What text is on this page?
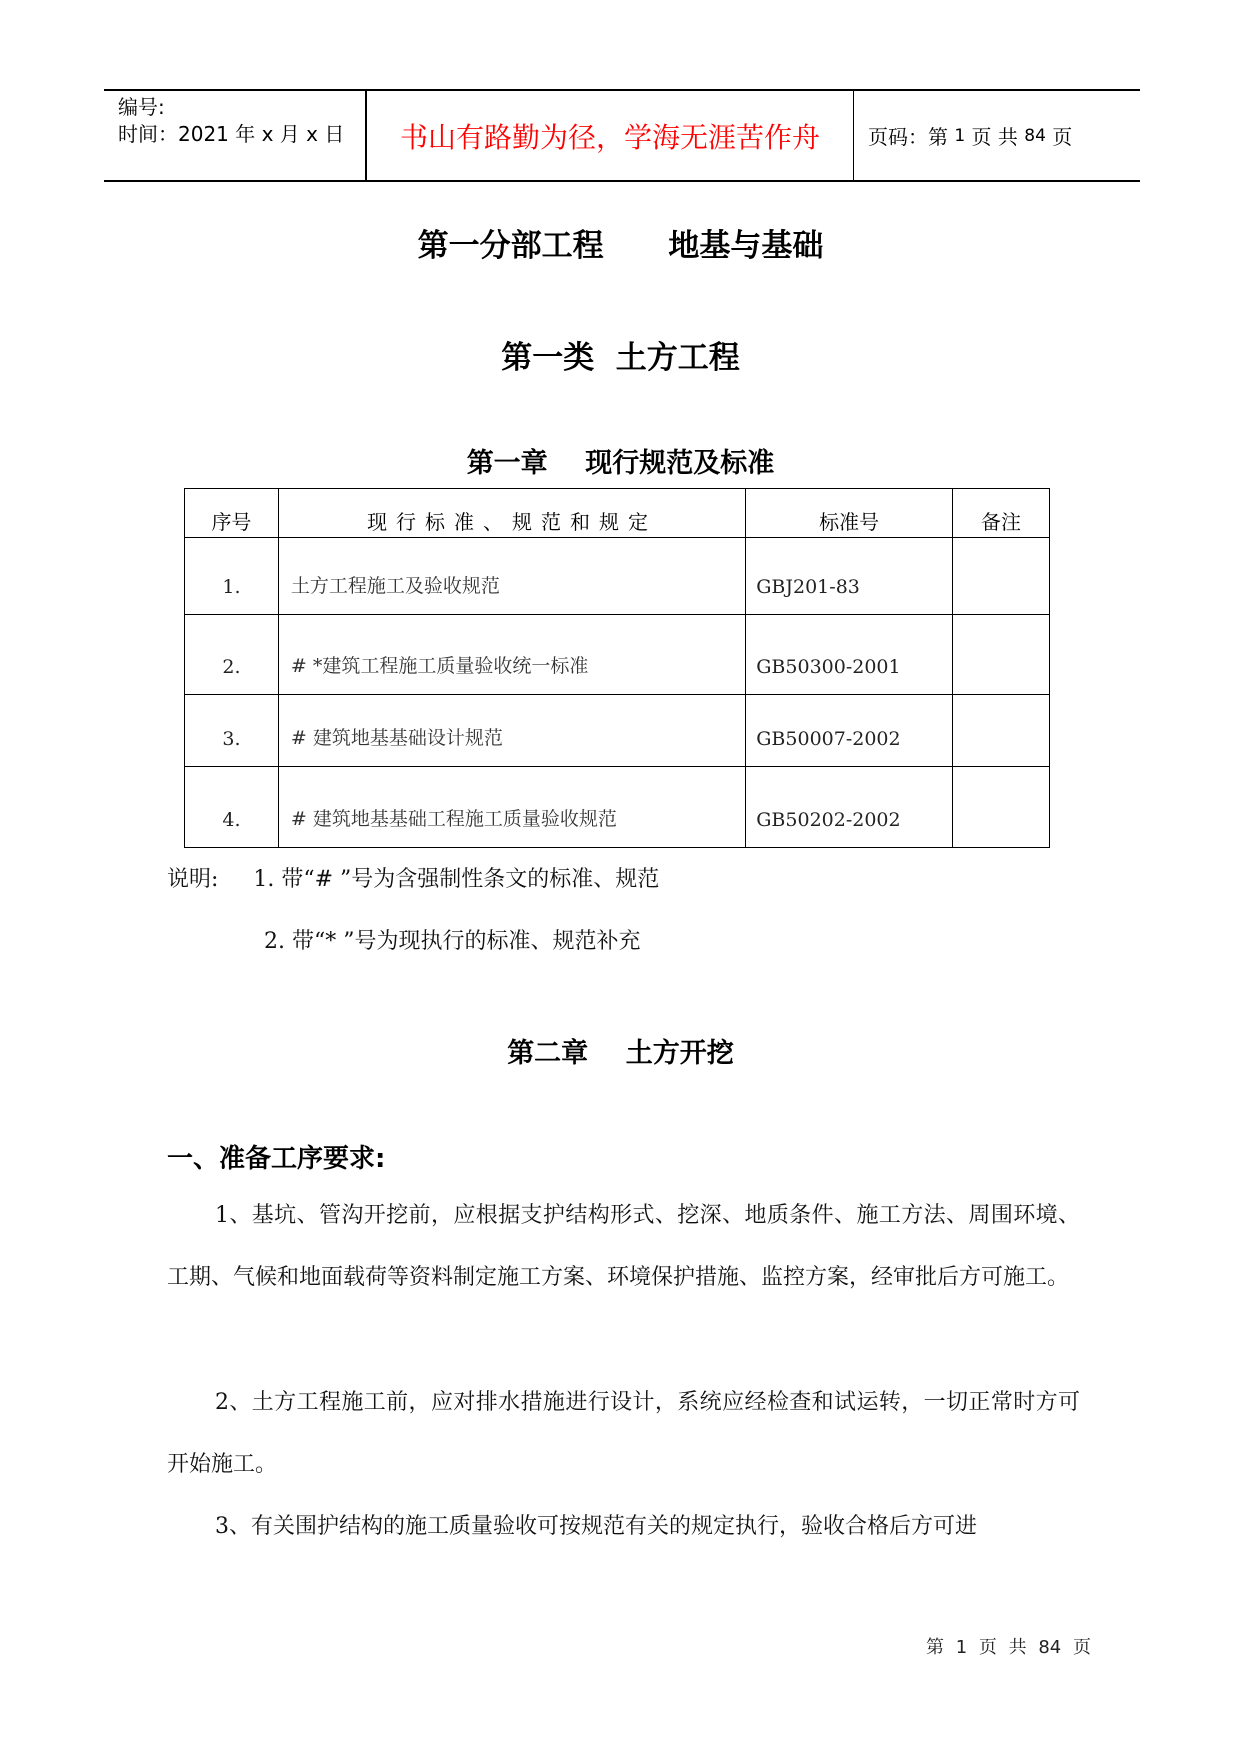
编号:
时间：2021 年 x 月 x 日	书山有路勤为径，学海无涯苦作舟	页码：第
1
页 共
84
页
第一分部工程      地基与基础
第一类  土方工程
第一章    现行规范及标准
序号	现行标准、规范和规定	标准号	备注
1.	土方工程施工及验收规范	GBJ201-83	
2.	# *建筑工程施工质量验收统一标准	GB50300-2001	
3.	# 建筑地基基础设计规范	GB50007-2002	
4.	# 建筑地基基础工程施工质量验收规范	GB50202-2002	
说明: 1. 带“# ”号为含强制性条文的标准、规范
2. 带“* ”号为现执行的标准、规范补充
第二章    土方开挖
一、准备工序要求:
1、基坑、管沟开挖前，应根据支护结构形式、挖深、地质条件、施工方法、周围环境、工期、气候和地面载荷等资料制定施工方案、环境保护措施、监控方案，经审批后方可施工。
2、土方工程施工前，应对排水措施进行设计，系统应经检查和试运转，一切正常时方可开始施工。
3、有关围护结构的施工质量验收可按规范有关的规定执行，验收合格后方可进
第 1 页 共 84 页
